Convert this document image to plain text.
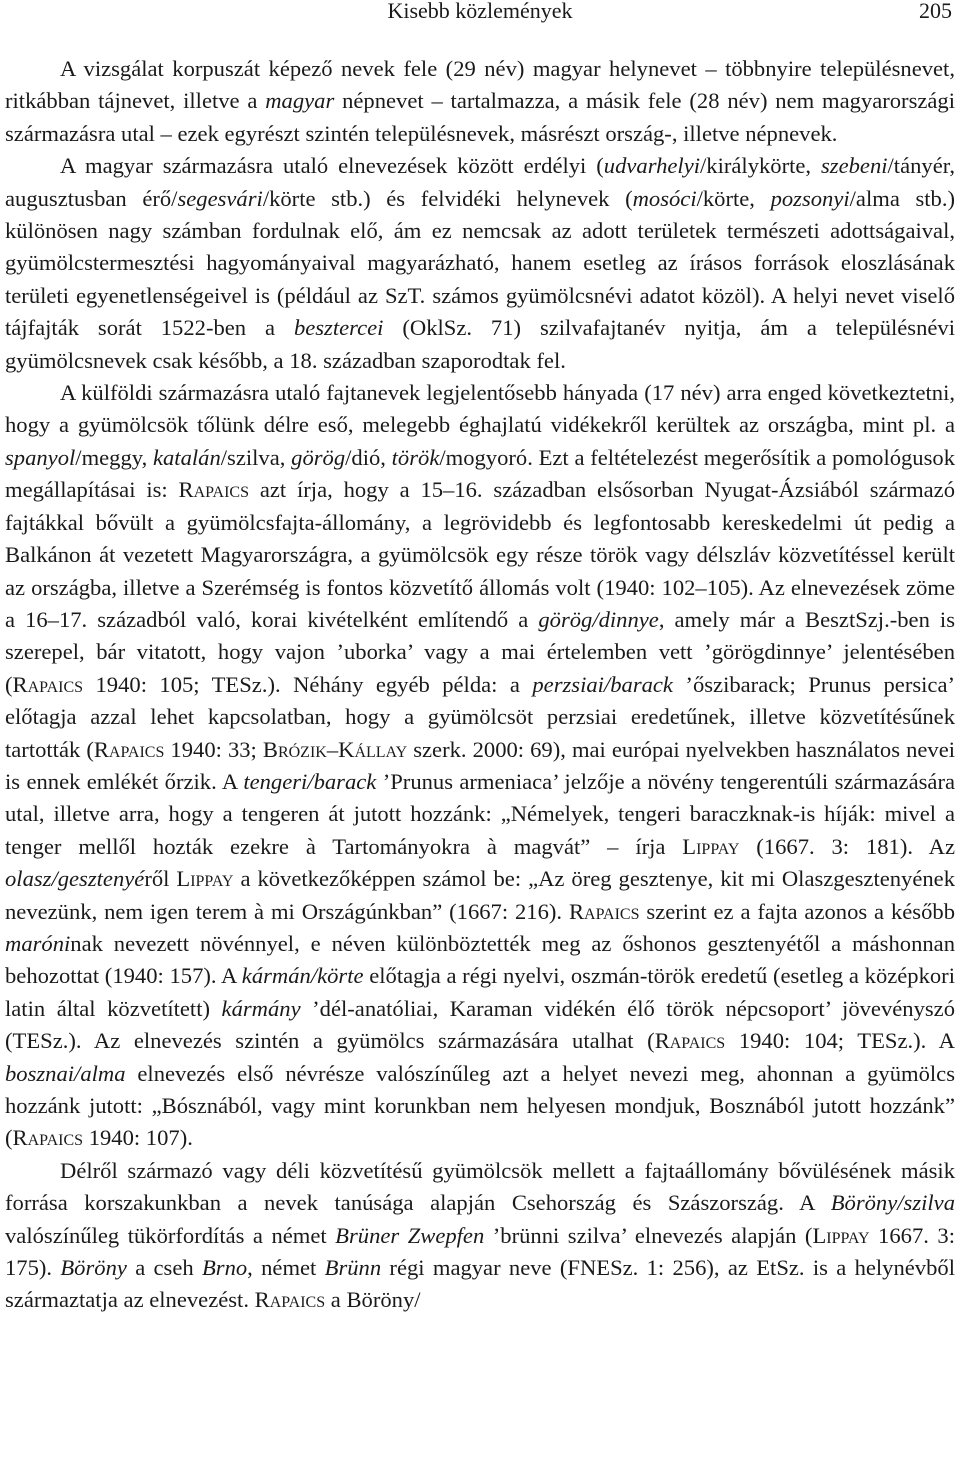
Kisebb közlemények	205

A vizsgálat korpuszát képező nevek fele (29 név) magyar helynevet – többnyire településnevet, ritkábban tájnevet, illetve a magyar népnevet – tartalmazza, a másik fele (28 név) nem magyarországi származásra utal – ezek egyrészt szintén településnevek, másrészt ország-, illetve népnevek.

A magyar származásra utaló elnevezések között erdélyi (udvarhelyi/királykörte, szebeni/tányér, augusztusban érő/segesvári/körte stb.) és felvidéki helynevek (mosóci/körte, pozsonyi/alma stb.) különösen nagy számban fordulnak elő, ám ez nemcsak az adott területek természeti adottságaival, gyümölcstermesztési hagyományaival magyarázható, hanem esetleg az írásos források eloszlásának területi egyenetlenségeivel is (például az SzT. számos gyümölcsnévi adatot közöl). A helyi nevet viselő tájfajták sorát 1522-ben a besztercei (OklSz. 71) szilvafajtanév nyitja, ám a településnévi gyümölcsnevek csak később, a 18. században szaporodtak fel.

A külföldi származásra utaló fajtanevek legjelentősebb hányada (17 név) arra enged következtetni, hogy a gyümölcsök tőlünk délre eső, melegebb éghajlatú vidékekről kerültek az országba, mint pl. a spanyol/meggy, katalán/szilva, görög/dió, török/mogyoró. Ezt a feltételezést megerősítik a pomológusok megállapításai is: Rapaics azt írja, hogy a 15–16. században elsősorban Nyugat-Ázsiából származó fajtákkal bővült a gyümölcsfajta-állomány, a legrövidebb és legfontosabb kereskedelmi út pedig a Balkánon át vezetett Magyarországra, a gyümölcsök egy része török vagy délszláv közvetítéssel került az országba, illetve a Szerémség is fontos közvetítő állomás volt (1940: 102–105). Az elnevezések zöme a 16–17. századból való, korai kivételként említendő a görög/dinnye, amely már a BesztSzj.-ben is szerepel, bár vitatott, hogy vajon ’uborka’ vagy a mai értelemben vett ’görögdinnye’ jelentésében (Rapaics 1940: 105; TESz.). Néhány egyéb példa: a perzsiai/barack ’őszibarack; Prunus persica’ előtagja azzal lehet kapcsolatban, hogy a gyümölcsöt perzsiai eredetűnek, illetve közvetítésűnek tartották (Rapaics 1940: 33; Brózik–Kállay szerk. 2000: 69), mai európai nyelvekben használatos nevei is ennek emlékét őrzik. A tengeri/barack ’Prunus armeniaca’ jelzője a növény tengerentúli származására utal, illetve arra, hogy a tengeren át jutott hozzánk: „Némelyek, tengeri baraczknak-is híják: mivel a tenger mellől hozták ezekre à Tartományokra à magvát” – írja Lippay (1667. 3: 181). Az olasz/gesztenyéről Lippay a következőképpen számol be: „Az öreg gesztenye, kit mi Olaszgesztenyének nevezünk, nem igen terem à mi Országúnkban” (1667: 216). Rapaics szerint ez a fajta azonos a később maróninak nevezett növénnyel, e néven különböztették meg az őshonos gesztenyétől a máshonnan behozottat (1940: 157). A kármán/körte előtagja a régi nyelvi, oszmán-török eredetű (esetleg a középkori latin által közvetített) kármány ’dél-anatóliai, Karaman vidékén élő török népcsoport’ jövevényszó (TESz.). Az elnevezés szintén a gyümölcs származására utalhat (Rapaics 1940: 104; TESz.). A bosznai/alma elnevezés első névrésze valószínűleg azt a helyet nevezi meg, ahonnan a gyümölcs hozzánk jutott: „Bósznából, vagy mint korunkban nem helyesen mondjuk, Bosznából jutott hozzánk” (Rapaics 1940: 107).

Délről származó vagy déli közvetítésű gyümölcsök mellett a fajtaállomány bővülésének másik forrása korszakunkban a nevek tanúsága alapján Csehország és Szászország. A Böröny/szilva valószínűleg tükörfordítás a német Brüner Zwepfen ’brünni szilva’ elnevezés alapján (Lippay 1667. 3: 175). Böröny a cseh Brno, német Brünn régi magyar neve (FNESz. 1: 256), az EtSz. is a helynévből származtatja az elnevezést. Rapaics a Böröny/
